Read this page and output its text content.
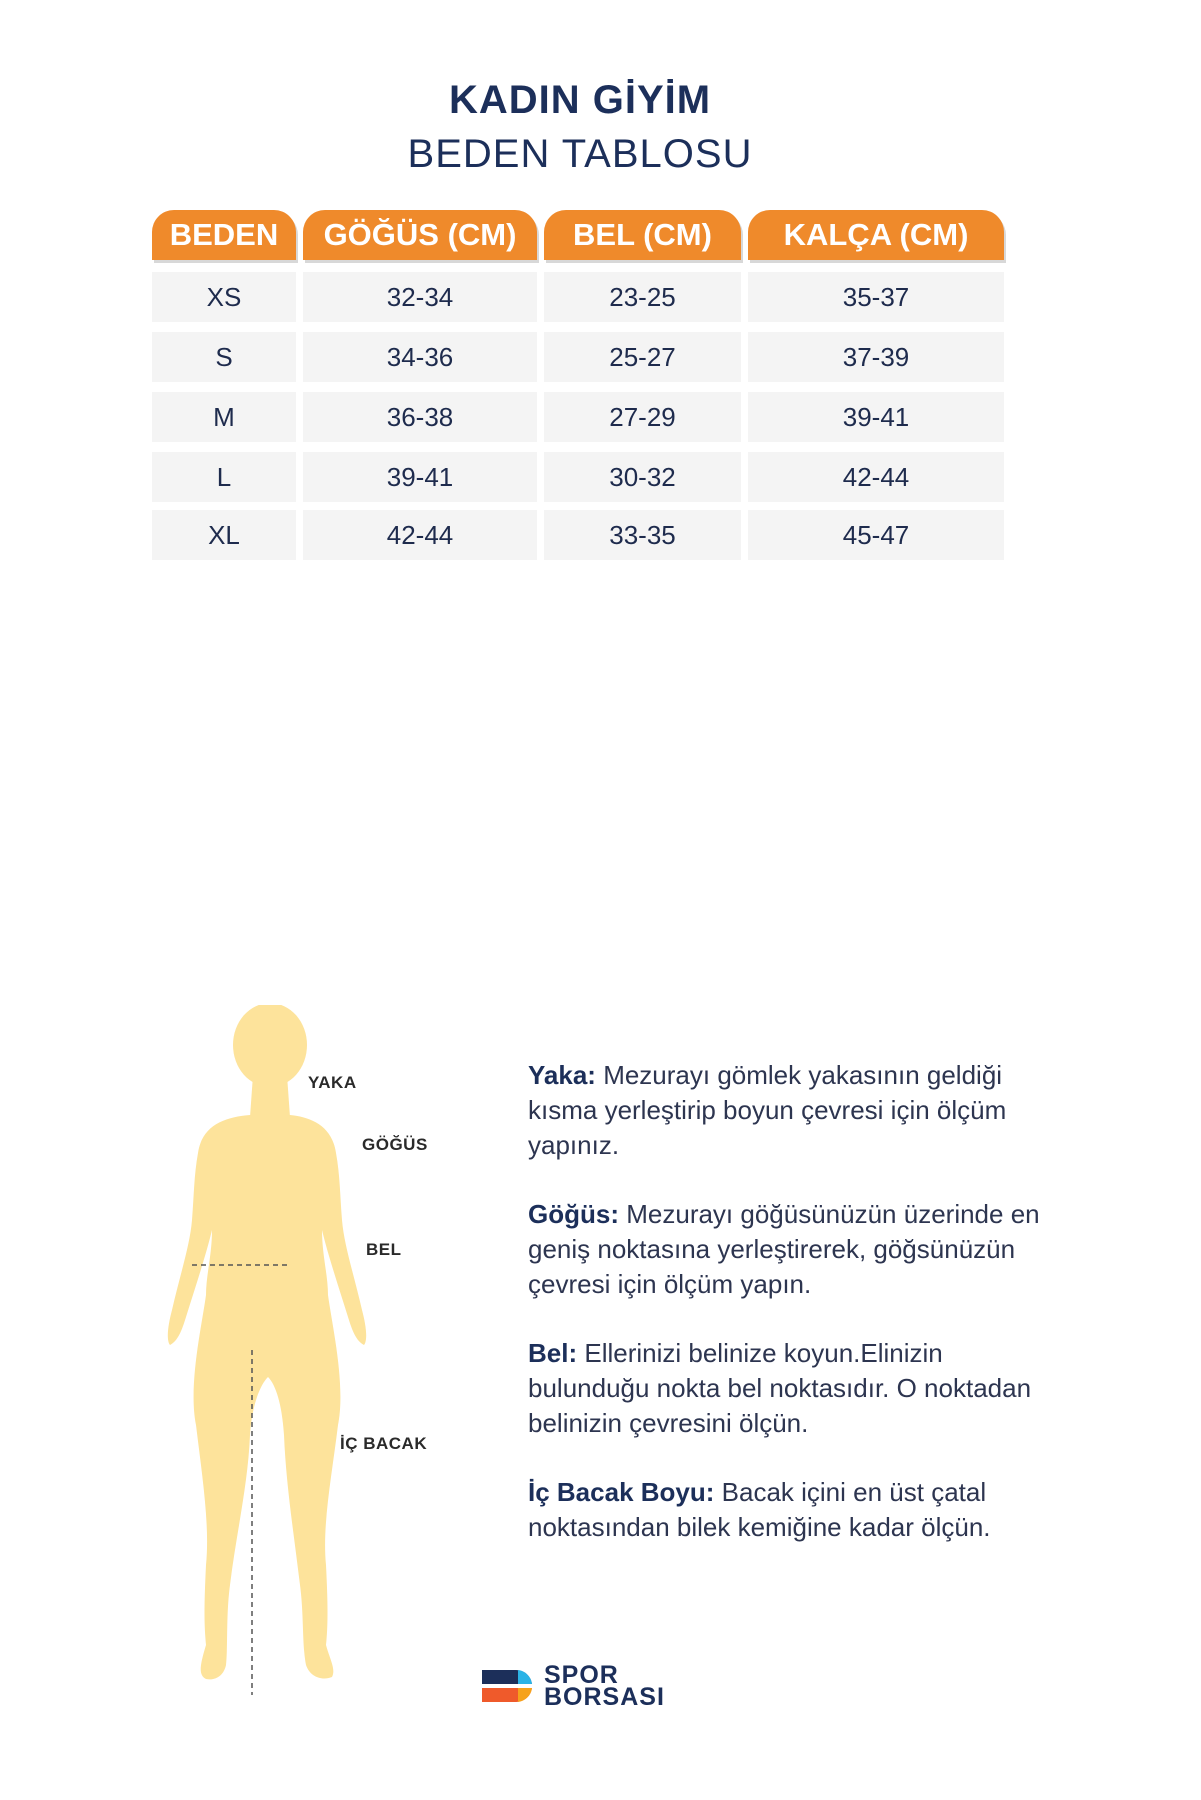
KADIN GİYİM
BEDEN TABLOSU
BEDEN	GÖĞÜS (CM)	BEL (CM)	KALÇA (CM)
XS	32-34	23-25	35-37
S	34-36	25-27	37-39
M	36-38	27-29	39-41
L	39-41	30-32	42-44
XL	42-44	33-35	45-47
YAKA
GÖĞÜS
BEL
İÇ BACAK
Yaka: Mezurayı gömlek yakasının geldiği kısma yerleştirip boyun çevresi için ölçüm yapınız.
Göğüs: Mezurayı göğüsünüzün üzerinde en geniş noktasına yerleştirerek, göğsünüzün çevresi için ölçüm yapın.
Bel: Ellerinizi belinize koyun.Elinizin bulunduğu nokta bel noktasıdır. O noktadan belinizin çevresini ölçün.
İç Bacak Boyu: Bacak içini en üst çatal noktasından bilek kemiğine kadar ölçün.
SPOR
BORSASI
